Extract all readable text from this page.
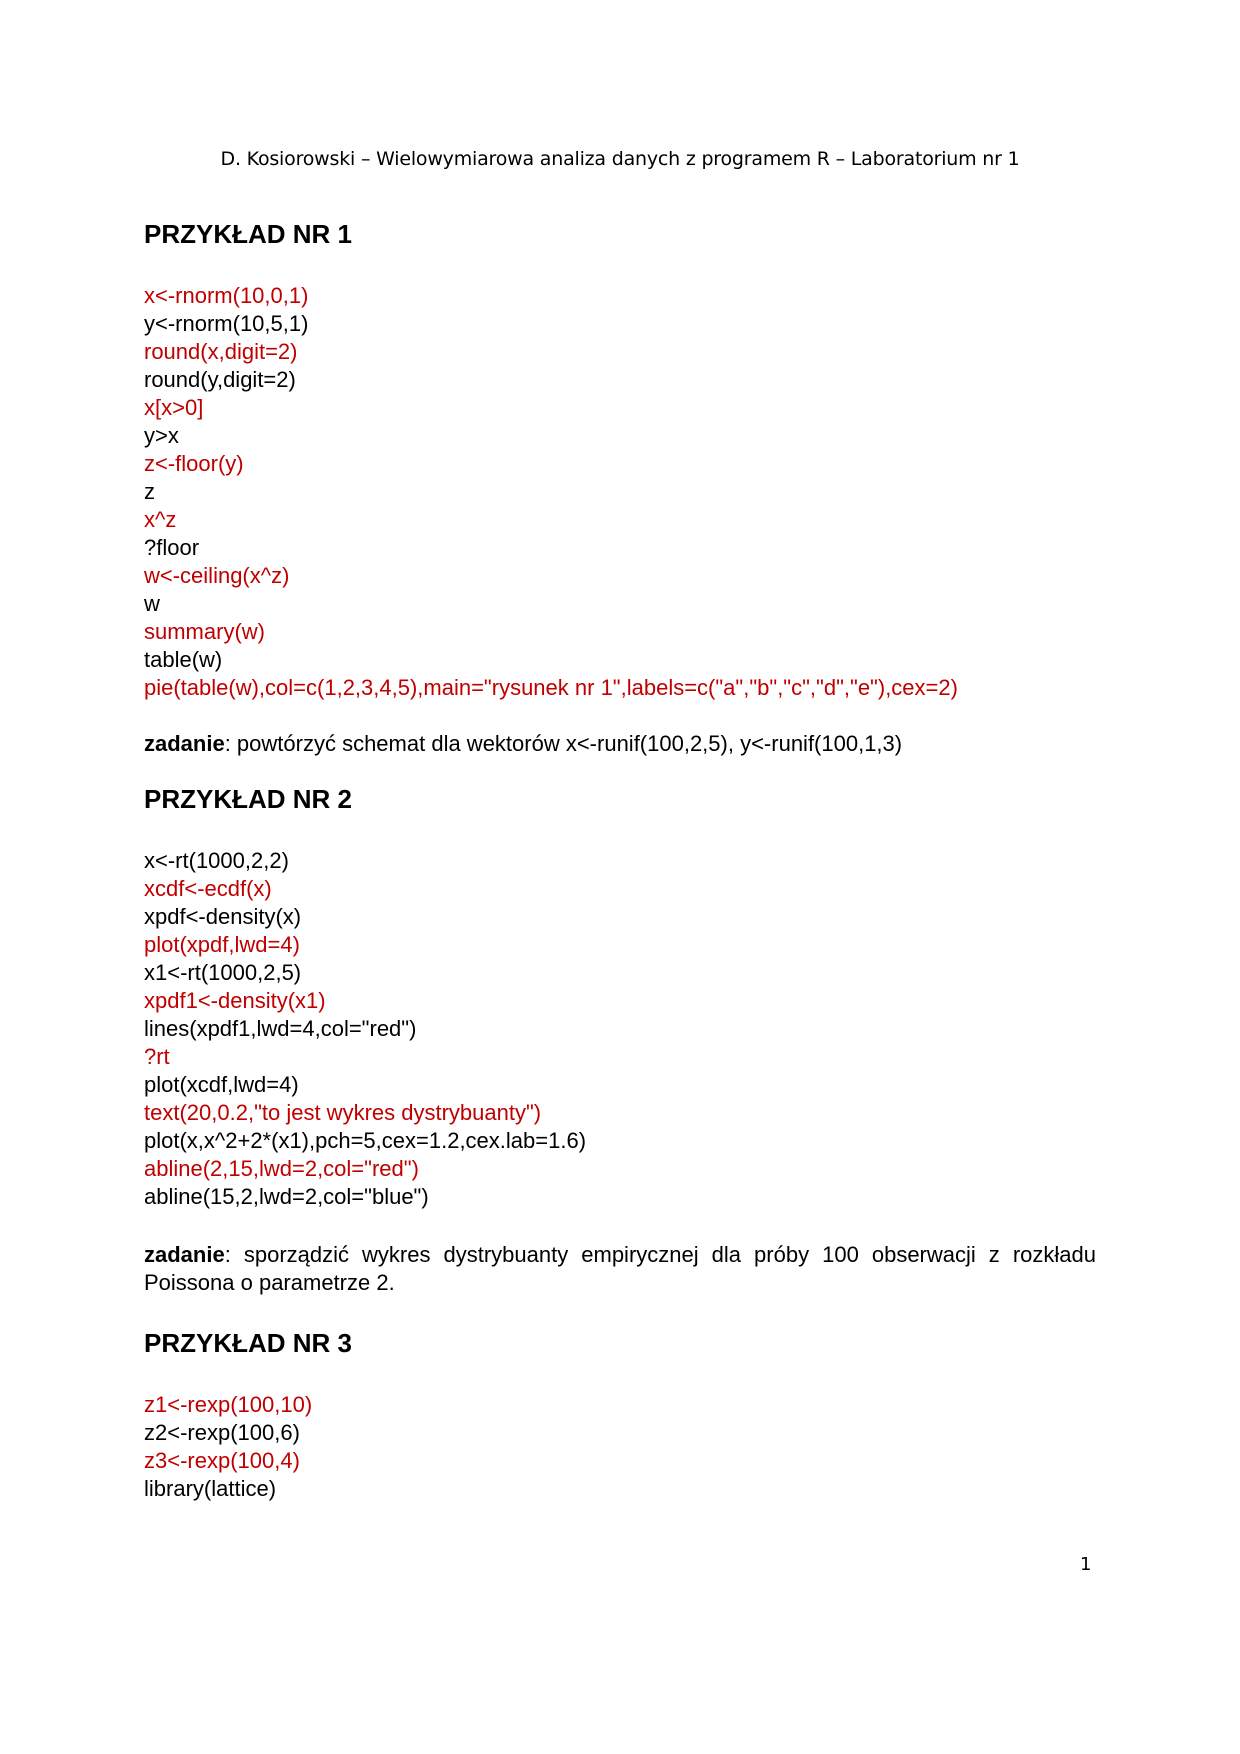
D. Kosiorowski – Wielowymiarowa analiza danych z programem R – Laboratorium nr 1
PRZYKŁAD NR 1
x<-rnorm(10,0,1)
y<-rnorm(10,5,1)
round(x,digit=2)
round(y,digit=2)
x[x>0]
y>x
z<-floor(y)
z
x^z
?floor
w<-ceiling(x^z)
w
summary(w)
table(w)
pie(table(w),col=c(1,2,3,4,5),main="rysunek nr 1",labels=c("a","b","c","d","e"),cex=2)

zadanie: powtórzyć schemat dla wektorów x<-runif(100,2,5), y<-runif(100,1,3)

PRZYKŁAD NR 2
x<-rt(1000,2,2)
xcdf<-ecdf(x)
xpdf<-density(x)
plot(xpdf,lwd=4)
x1<-rt(1000,2,5)
xpdf1<-density(x1)
lines(xpdf1,lwd=4,col="red")
?rt
plot(xcdf,lwd=4)
text(20,0.2,"to jest wykres dystrybuanty")
plot(x,x^2+2*(x1),pch=5,cex=1.2,cex.lab=1.6)
abline(2,15,lwd=2,col="red")
abline(15,2,lwd=2,col="blue")

zadanie: sporządzić wykres dystrybuanty empirycznej dla próby 100 obserwacji z rozkładu Poissona o parametrze 2.

PRZYKŁAD NR 3
z1<-rexp(100,10)
z2<-rexp(100,6)
z3<-rexp(100,4)
library(lattice)
1
